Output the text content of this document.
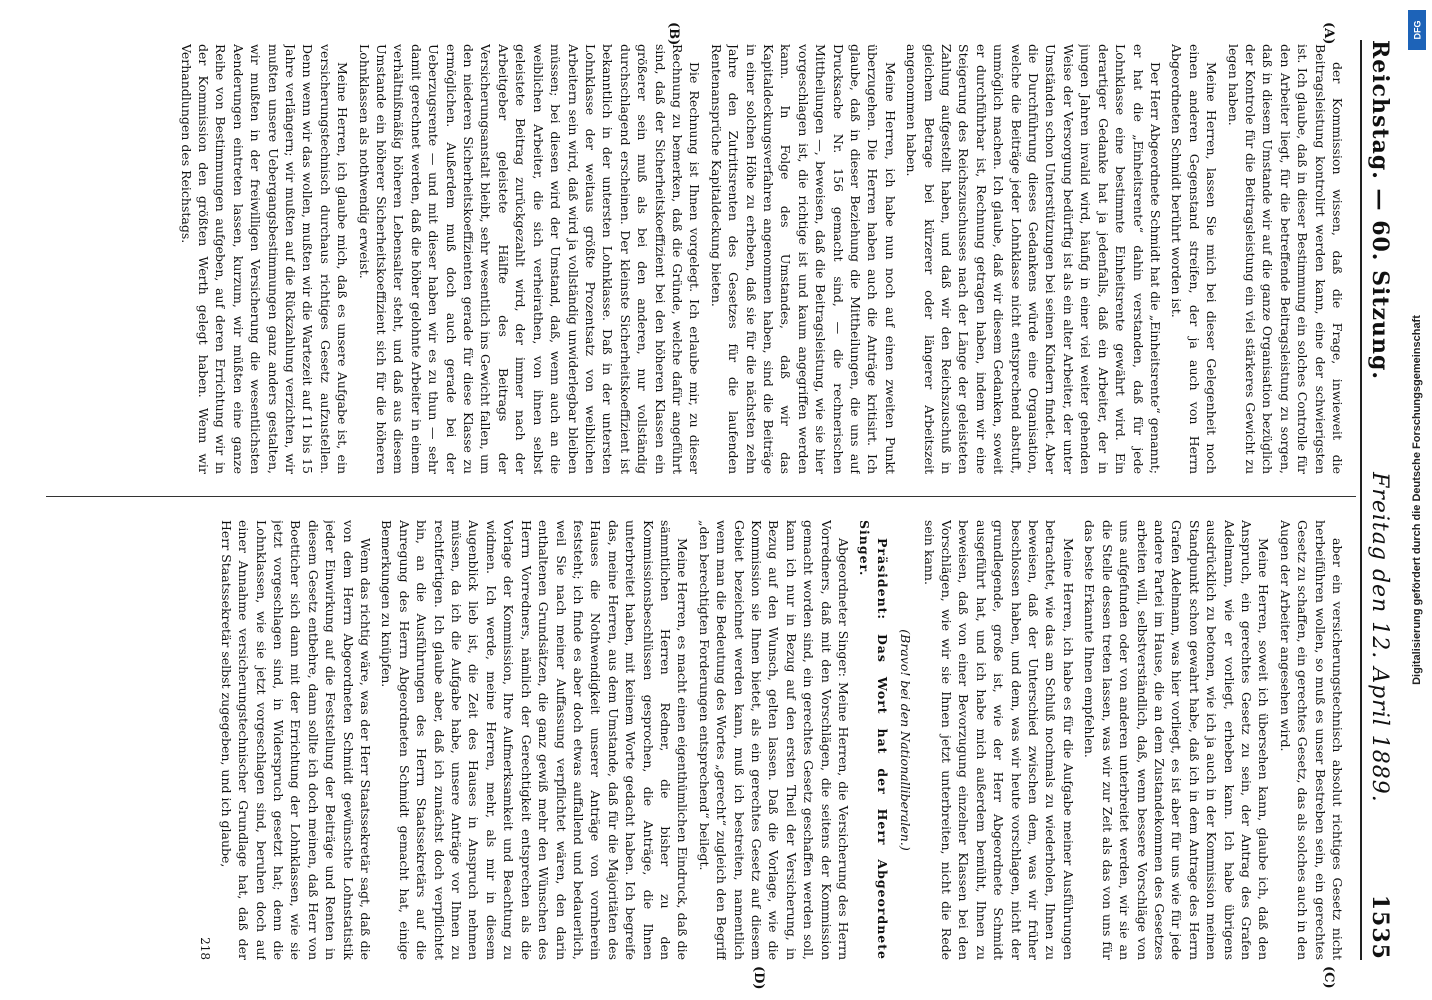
Reichstag. — 60. Sitzung.
Freitag den 12. April 1889.
1535
(A)
(B)
(C)
(D)

der Kommission wissen, daß die Frage, inwieweit die Beitragsleistung kontrolirt werden kann, eine der schwierigsten ist. Ich glaube, daß in dieser Bestimmung ein solches Controlle für den Arbeiter liegt, für die betreffende Beitragsleistung zu sorgen, daß in diesem Umstande wir auf die ganze Organisation bezüglich der Kontrole für die Beitragsleistung ein viel stärkeres Gewicht zu legen haben.

Meine Herren, lassen Sie mich bei dieser Gelegenheit noch einen anderen Gegenstand streifen, der ja auch von Herrn Abgeordneten Schmidt berührt worden ist.

Der Herr Abgeordnete Schmidt hat die „Einheitsrente“ genannt; er hat die „Einheitsrente“ dahin verstanden, daß für jede Lohnklasse eine bestimmte Einheitsrente gewährt wird. Ein derartiger Gedanke hat ja jedenfalls, daß ein Arbeiter, der in jungen Jahren invalid wird, häufig in einer viel weiter gehenden Weise der Versorgung bedürftig ist als ein alter Arbeiter, der unter Umständen schon Unterstützungen bei seinen Kindern findet. Aber die Durchführung dieses Gedankens würde eine Organisation, welche die Beiträge jeder Lohnklasse nicht entsprechend abstuft, unmöglich machen. Ich glaube, daß wir diesem Gedanken, soweit er durchführbar ist, Rechnung getragen haben, indem wir eine Steigerung des Reichszuschusses nach der Länge der geleisteten Zahlung aufgestellt haben, und daß wir den Reichszuschuß in gleichem Betrage bei kürzerer oder längerer Arbeitszeit angenommen haben.

Meine Herren, ich habe nun noch auf einen zweiten Punkt überzugehen. Die Herren haben auch die Anträge kritisirt. Ich glaube, daß in dieser Beziehung die Mittheilungen, die uns auf Drucksache Nr. 156 gemacht sind, — die rechnerischen Mittheilungen —, beweisen, daß die Beitragsleistung, wie sie hier vorgeschlagen ist, die richtige ist und kaum angegriffen werden kann. In Folge des Umstandes, daß wir das Kapitaldeckungsverfahren angenommen haben, sind die Beiträge in einer solchen Höhe zu erheben, daß sie für die nächsten zehn Jahre den Zutrittsrenten des Gesetzes für die laufenden Rentenansprüche Kapitaldeckung bieten.

Die Rechnung ist Ihnen vorgelegt. Ich erlaube mir, zu dieser Rechnung zu bemerken, daß die Gründe, welche dafür angeführt sind, daß der Sicherheitskoeffizient bei den höheren Klassen ein größerer sein muß als bei den anderen, nur vollständig durchschlagend erscheinen. Der kleinste Sicherheitskoeffizient ist bekanntlich in der untersten Lohnklasse. Daß in der untersten Lohnklasse der weitaus größte Prozentsatz von weiblichen Arbeitern sein wird, daß wird ja vollständig unwiderlegbar bleiben müssen; bei diesen wird der Umstand, daß, wenn auch an die weiblichen Arbeiter, die sich verheirathen, von ihnen selbst geleistete Beitrag zurückgezahlt wird, der immer nach der Arbeitgeber geleistete Hälfte des Beitrags der Versicherungsanstalt bleibt, sehr wesentlich ins Gewicht fallen, um den niederen Sicherheitskoeffizienten gerade für diese Klasse zu ermöglichen. Außerdem muß doch auch gerade bei der Ueberzugsrente — und mit dieser haben wir es zu thun — sehr damit gerechnet werden, daß die höher gelohnte Arbeiter in einem verhältnißmäßig höheren Lebensalter steht, und daß aus diesem Umstande ein höherer Sicherheitskoeffizient sich für die höheren Lohnklassen als nothwendig erweist.

Meine Herren, ich glaube mich, daß es unsere Aufgabe ist, ein versicherungstechnisch durchaus richtiges Gesetz aufzustellen. Denn wenn wir das wollen, mußten wir die Wartezeit auf 11 bis 15 Jahre verlängern; wir mußten auf die Rückzahlung verzichten, wir mußten unsere Uebergangsbestimmungen ganz anders gestalten, wir mußten in der freiwilligen Versicherung die wesentlichsten Aenderungen eintreten lassen, kurzum, wir müßten eine ganze Reihe von Bestimmungen aufgeben, auf deren Errichtung wir in der Kommission den größten Werth gelegt haben. Wenn wir Verhandlungen des Reichstags.

aber ein versicherungstechnisch absolut richtiges Gesetz nicht herbeiführen wollen, so muß es unser Bestreben sein, ein gerechtes Gesetz zu schaffen, ein gerechtes Gesetz, das als solches auch in den Augen der Arbeiter angesehen wird.

Meine Herren, soweit ich übersehen kann, glaube ich, daß den Anspruch, ein gerechtes Gesetz zu sein, der Antrag des Grafen Adelmann, wie er vorliegt, erheben kann. Ich habe übrigens ausdrücklich zu betonen, wie ich ja auch in der Kommission meinen Standpunkt schon gewahrt habe, daß ich in dem Antrage des Herrn Grafen Adelmann, was hier vorliegt, es ist aber für uns wie für jede andere Partei im Hause, die an dem Zustandekommen des Gesetzes arbeiten will, selbstverständlich, daß, wenn bessere Vorschläge von uns aufgefunden oder von anderen unterbreitet werden, wir sie an die Stelle dessen treten lassen, was wir zur Zeit als das von uns für das beste Erkannte Ihnen empfehlen.

Meine Herren, ich habe es für die Aufgabe meiner Ausführungen betrachtet, wie das am Schluß nochmals zu wiederholen, Ihnen zu beweisen, daß der Unterschied zwischen dem, was wir früher beschlossen haben, und dem, was wir heute vorschlagen, nicht der grundlegende, große ist, wie der Herr Abgeordnete Schmidt ausgeführt hat, und ich habe mich außerdem bemüht, Ihnen zu beweisen, daß von einer Bevorzugung einzelner Klassen bei den Vorschlägen, wie wir sie Ihnen jetzt unterbreiten, nicht die Rede sein kann.

(Bravo! bei den Nationalliberalen.)

Präsident: Das Wort hat der Herr Abgeordnete Singer.

Abgeordneter Singer: Meine Herren, die Versicherung des Herrn Vorredners, daß mit den Vorschlägen, die seitens der Kommission gemacht worden sind, ein gerechtes Gesetz geschaffen werden soll, kann ich nur in Bezug auf den ersten Theil der Versicherung, in Bezug auf den Wunsch, gelten lassen. Daß die Vorlage, wie die Kommission sie Ihnen bietet, als ein gerechtes Gesetz auf diesem Gebiet bezeichnet werden kann, muß ich bestreiten, namentlich wenn man die Bedeutung des Wortes „gerecht“ zugleich den Begriff „den berechtigten Forderungen entsprechend“ beilegt.

Meine Herren, es macht einen eigenthümlichen Eindruck, daß die sämmtlichen Herren Redner, die bisher zu den Kommissionsbeschlüssen gesprochen, die Anträge, die Ihnen unterbreitet haben, mit keinem Worte gedacht haben. Ich begreife das, meine Herren, aus dem Umstande, daß für die Majoritäten des Hauses die Nothwendigkeit unserer Anträge von vornherein feststeht; ich finde es aber doch etwas auffallend und bedauerlich, weil Sie nach meiner Auffassung verpflichtet wären, den darin enthaltenen Grundsätzen, die ganz gewiß mehr den Wünschen des Herrn Vorredners, nämlich der Gerechtigkeit entsprechen als die Vorlage der Kommission, Ihre Aufmerksamkeit und Beachtung zu widmen. Ich werde, meine Herren, mehr, als mir in diesem Augenblick lieb ist, die Zeit des Hauses in Anspruch nehmen müssen, da ich die Aufgabe habe, unsere Anträge vor Ihnen zu rechtfertigen. Ich glaube aber, daß ich zunächst doch verpflichtet bin, an die Ausführungen des Herrn Staatssekretärs auf die Anregung des Herrn Abgeordneten Schmidt gemacht hat, einige Bemerkungen zu knüpfen.

Wenn das richtig wäre, was der Herr Staatssekretär sagt, daß die von dem Herrn Abgeordneten Schmidt gewünschte Lohnstatistik jeder Einwirkung auf die Feststellung der Beiträge und Renten in diesem Gesetz entbehre, dann sollte ich doch meinen, daß Herr von Boetticher sich dann mit der Errichtung der Lohnklassen, wie sie jetzt vorgeschlagen sind, in Widerspruch gesetzt hat; denn die Lohnklassen, wie sie jetzt vorgeschlagen sind, beruhen doch auf einer Annahme versicherungstechnischer Grundlage hat, daß der Herr Staatssekretär selbst zugegeben, und ich glaube,

218

Digitalisierung gefördert durch die Deutsche Forschungsgemeinschaft
DFG
